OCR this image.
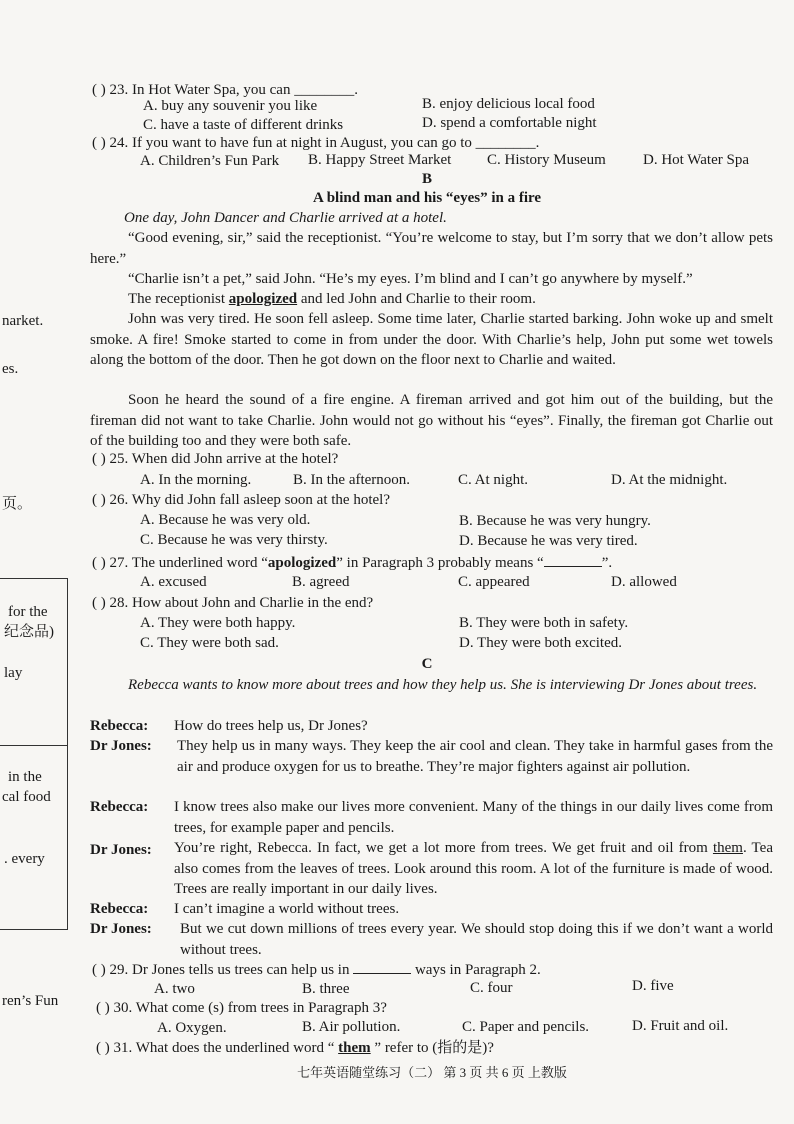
narket.
es.
页。
for the
纪念品)
lay
in the
cal food
. every
ren’s Fun
( ) 23. In Hot Water Spa, you can ________.
A. buy any souvenir you like	B. enjoy delicious local food
C. have a taste of different drinks	D. spend a comfortable night
( ) 24. If you want to have fun at night in August, you can go to ________.
A. Children’s Fun Park B. Happy Street Market C. History Museum D. Hot Water Spa
B
A blind man and his “eyes” in a fire
One day, John Dancer and Charlie arrived at a hotel.
“Good evening, sir,” said the receptionist. “You’re welcome to stay, but I’m sorry that we don’t allow pets here.”
“Charlie isn’t a pet,” said John. “He’s my eyes. I’m blind and I can’t go anywhere by myself.”
The receptionist apologized and led John and Charlie to their room.
John was very tired. He soon fell asleep. Some time later, Charlie started barking. John woke up and smelt smoke. A fire! Smoke started to come in from under the door. With Charlie’s help, John put some wet towels along the bottom of the door. Then he got down on the floor next to Charlie and waited.
Soon he heard the sound of a fire engine. A fireman arrived and got him out of the building, but the fireman did not want to take Charlie. John would not go without his “eyes”. Finally, the fireman got Charlie out of the building too and they were both safe.
( ) 25. When did John arrive at the hotel?
A. In the morning.	B. In the afternoon.	C. At night.	D. At the midnight.
( ) 26. Why did John fall asleep soon at the hotel?
A. Because he was very old.	B. Because he was very hungry.
C. Because he was very thirsty.	D. Because he was very tired.
( ) 27. The underlined word “apologized” in Paragraph 3 probably means “	”.
A. excused	B. agreed	C. appeared	D. allowed
( ) 28. How about John and Charlie in the end?
A. They were both happy.	B. They were both in safety.
C. They were both sad.	D. They were both excited.
C
Rebecca wants to know more about trees and how they help us. She is interviewing Dr Jones about trees.
Rebecca: How do trees help us, Dr Jones?
Dr Jones: They help us in many ways. They keep the air cool and clean. They take in harmful gases from the air and produce oxygen for us to breathe. They’re major fighters against air pollution.
Rebecca: I know trees also make our lives more convenient. Many of the things in our daily lives come from trees, for example paper and pencils.
Dr Jones: You’re right, Rebecca. In fact, we get a lot more from trees. We get fruit and oil from them. Tea also comes from the leaves of trees. Look around this room. A lot of the furniture is made of wood. Trees are really important in our daily lives.
Rebecca: I can’t imagine a world without trees.
Dr Jones: But we cut down millions of trees every year. We should stop doing this if we don’t want a world without trees.
( ) 29. Dr Jones tells us trees can help us in	ways in Paragraph 2.
A. two	B. three	C. four	D. five
( ) 30. What come (s) from trees in Paragraph 3?
A. Oxygen.	B. Air pollution.	C. Paper and pencils.	D. Fruit and oil.
( ) 31. What does the underlined word “ them ” refer to (指的是)?
七年英语随堂练习（二） 第 3 页 共 6 页 上教版
